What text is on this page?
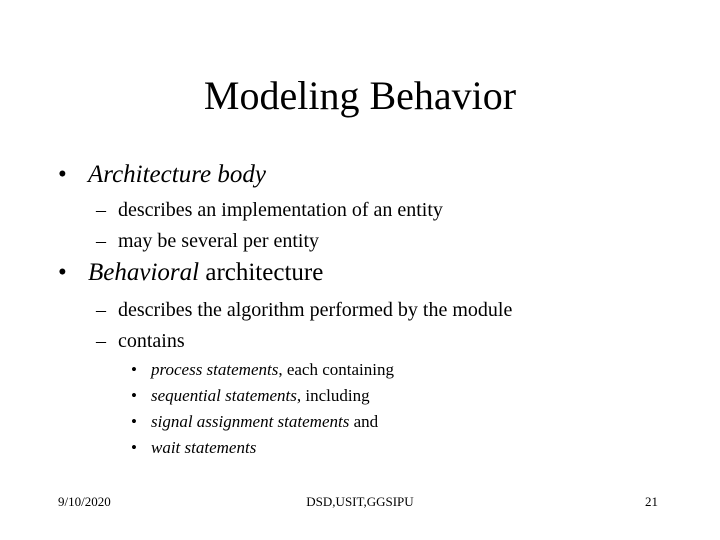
Modeling Behavior
• Architecture body
– describes an implementation of an entity
– may be several per entity
• Behavioral architecture
– describes the algorithm performed by the module
– contains
• process statements, each containing
• sequential statements, including
• signal assignment statements and
• wait statements
9/10/2020	DSD,USIT,GGSIPU	21
